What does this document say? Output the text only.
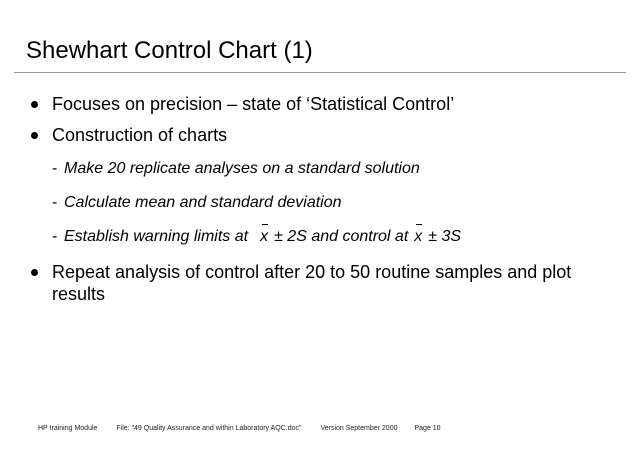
Shewhart Control Chart (1)
Focuses on precision – state of ‘Statistical Control’
Construction of charts
- Make 20 replicate analyses on a standard solution
- Calculate mean and standard deviation
- Establish warning limits at x ± 2S and control at x ± 3S
Repeat analysis of control after 20 to 50 routine samples and plot results
HP training Module	File: "49 Quality Assurance and within Laboratory AQC.doc"	Version September 2000 Page 10
